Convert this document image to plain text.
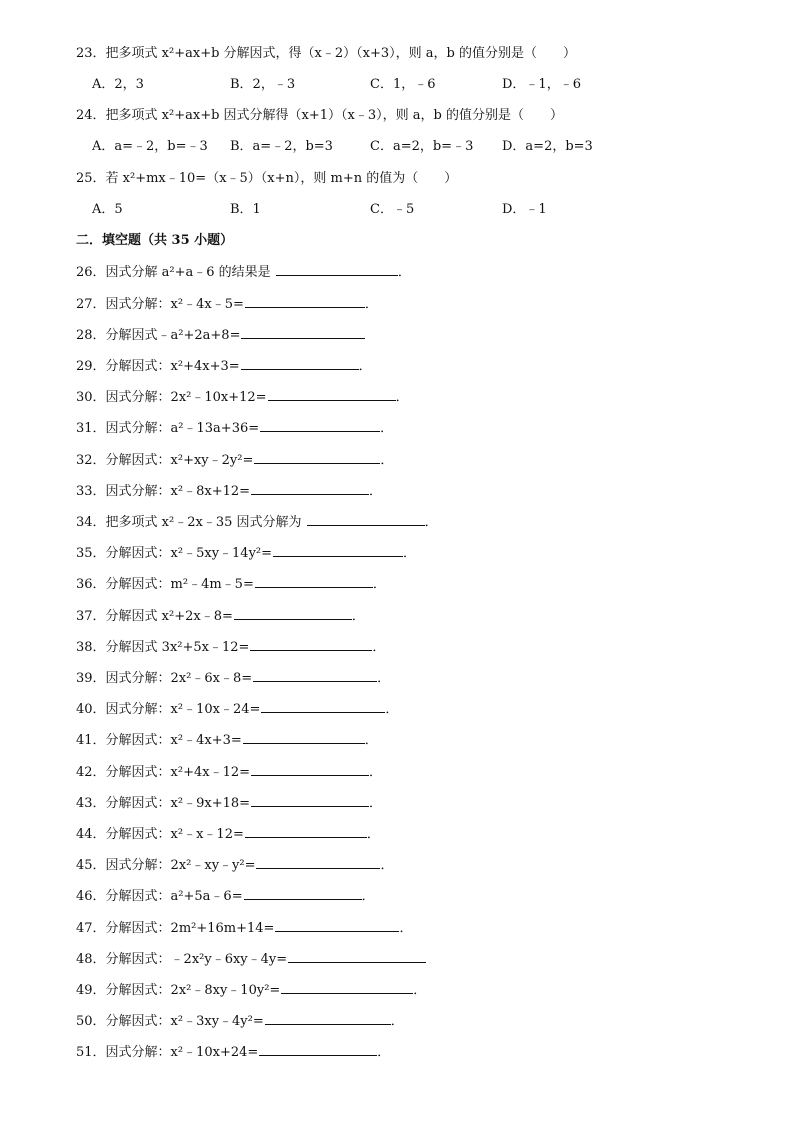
23．把多项式 x²+ax+b 分解因式，得（x﹣2）（x+3），则 a，b 的值分别是（　　）
A．2，3	B．2，﹣3	C．1，﹣6	D．﹣1，﹣6
24．把多项式 x²+ax+b 因式分解得（x+1）（x﹣3），则 a，b 的值分别是（　　）
A．a=﹣2，b=﹣3 B．a=﹣2，b=3	C．a=2，b=﹣3 D．a=2，b=3
25．若 x²+mx﹣10=（x﹣5）（x+n），则 m+n 的值为（　　）
A．5	B．1	C．﹣5	D．﹣1
二．填空题（共 35 小题）
26．因式分解 a²+a﹣6 的结果是	．
27．因式分解：x²﹣4x﹣5=	．
28．分解因式﹣a²+2a+8=
29．分解因式：x²+4x+3=	．
30．因式分解：2x²﹣10x+12=	．
31．因式分解：a²﹣13a+36=	．
32．分解因式：x²+xy﹣2y²=	．
33．因式分解：x²﹣8x+12=	．
34．把多项式 x²﹣2x﹣35 因式分解为	．
35．分解因式：x²﹣5xy﹣14y²=	．
36．分解因式：m²﹣4m﹣5=	．
37．分解因式 x²+2x﹣8=	．
38．分解因式 3x²+5x﹣12=	．
39．因式分解：2x²﹣6x﹣8=	．
40．因式分解：x²﹣10x﹣24=	．
41．分解因式：x²﹣4x+3=	．
42．分解因式：x²+4x﹣12=	．
43．分解因式：x²﹣9x+18=	．
44．分解因式：x²﹣x﹣12=	．
45．因式分解：2x²﹣xy﹣y²=	．
46．分解因式：a²+5a﹣6=	．
47．分解因式：2m²+16m+14=	．
48．分解因式：﹣2x²y﹣6xy﹣4y=
49．分解因式：2x²﹣8xy﹣10y²=	．
50．分解因式：x²﹣3xy﹣4y²=	．
51．因式分解：x²﹣10x+24=	．
